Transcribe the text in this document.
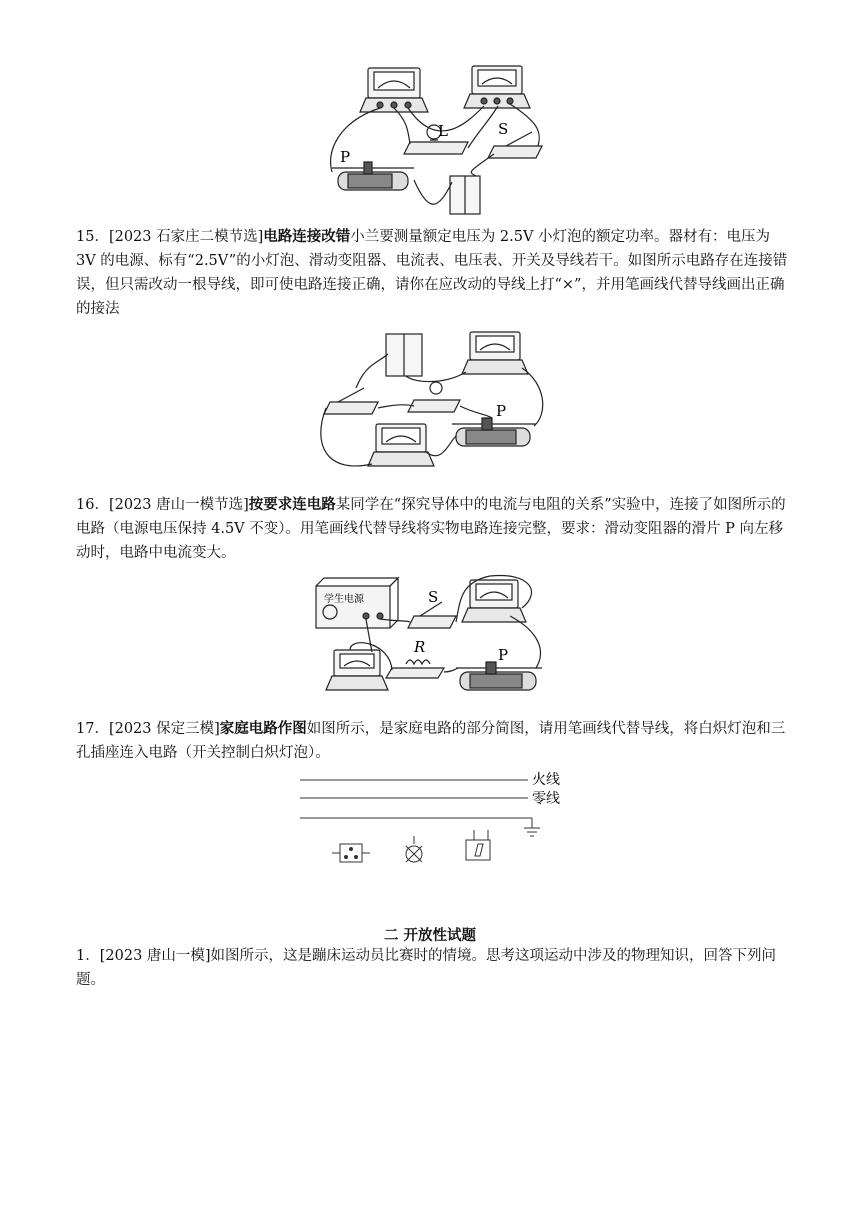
L	S
P
15．[2023 石家庄二模节选]电路连接改错小兰要测量额定电压为 2.5V 小灯泡的额定功率。器材有：电压为 3V 的电源、标有“2.5V”的小灯泡、滑动变阻器、电流表、电压表、开关及导线若干。如图所示电路存在连接错误，但只需改动一根导线，即可使电路连接正确，请你在应改动的导线上打“×”，并用笔画线代替导线画出正确的接法
P
16．[2023 唐山一模节选]按要求连电路某同学在“探究导体中的电流与电阻的关系”实验中，连接了如图所示的电路（电源电压保持 4.5V 不变）。用笔画线代替导线将实物电路连接完整，要求：滑动变阻器的滑片 P 向左移动时，电路中电流变大。
学生电源	S
R	P
17．[2023 保定三模]家庭电路作图如图所示，是家庭电路的部分简图，请用笔画线代替导线，将白炽灯泡和三孔插座连入电路（开关控制白炽灯泡）。
火线
零线
二 开放性试题
1．[2023 唐山一模]如图所示，这是蹦床运动员比赛时的情境。思考这项运动中涉及的物理知识，回答下列问题。
